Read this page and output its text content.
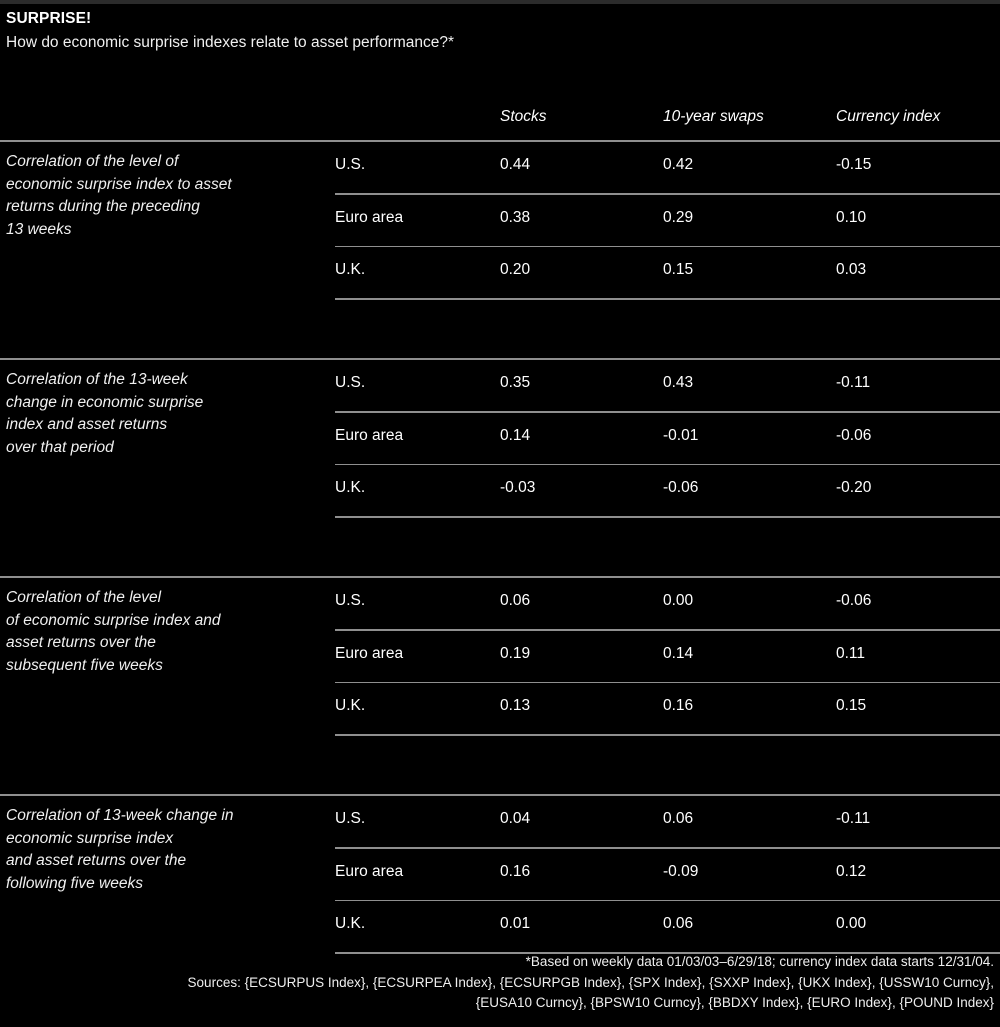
SURPRISE!
How do economic surprise indexes relate to asset performance?*
Stocks	10-year swaps	Currency index
Correlation of the level of
economic surprise index to asset
returns during the preceding
13 weeks
U.S.	0.44	0.42	-0.15
Euro area	0.38	0.29	0.10
U.K.	0.20	0.15	0.03
Correlation of the 13-week
change in economic surprise
index and asset returns
over that period
U.S.	0.35	0.43	-0.11
Euro area	0.14	-0.01	-0.06
U.K.	-0.03	-0.06	-0.20
Correlation of the level
of economic surprise index and
asset returns over the
subsequent five weeks
U.S.	0.06	0.00	-0.06
Euro area	0.19	0.14	0.11
U.K.	0.13	0.16	0.15
Correlation of 13-week change in
economic surprise index
and asset returns over the
following five weeks
U.S.	0.04	0.06	-0.11
Euro area	0.16	-0.09	0.12
U.K.	0.01	0.06	0.00
*Based on weekly data 01/03/03–6/29/18; currency index data starts 12/31/04.
Sources: {ECSURPUS Index}, {ECSURPEA Index}, {ECSURPGB Index}, {SPX Index}, {SXXP Index}, {UKX Index}, {USSW10 Curncy},
{EUSA10 Curncy}, {BPSW10 Curncy}, {BBDXY Index}, {EURO Index}, {POUND Index}
